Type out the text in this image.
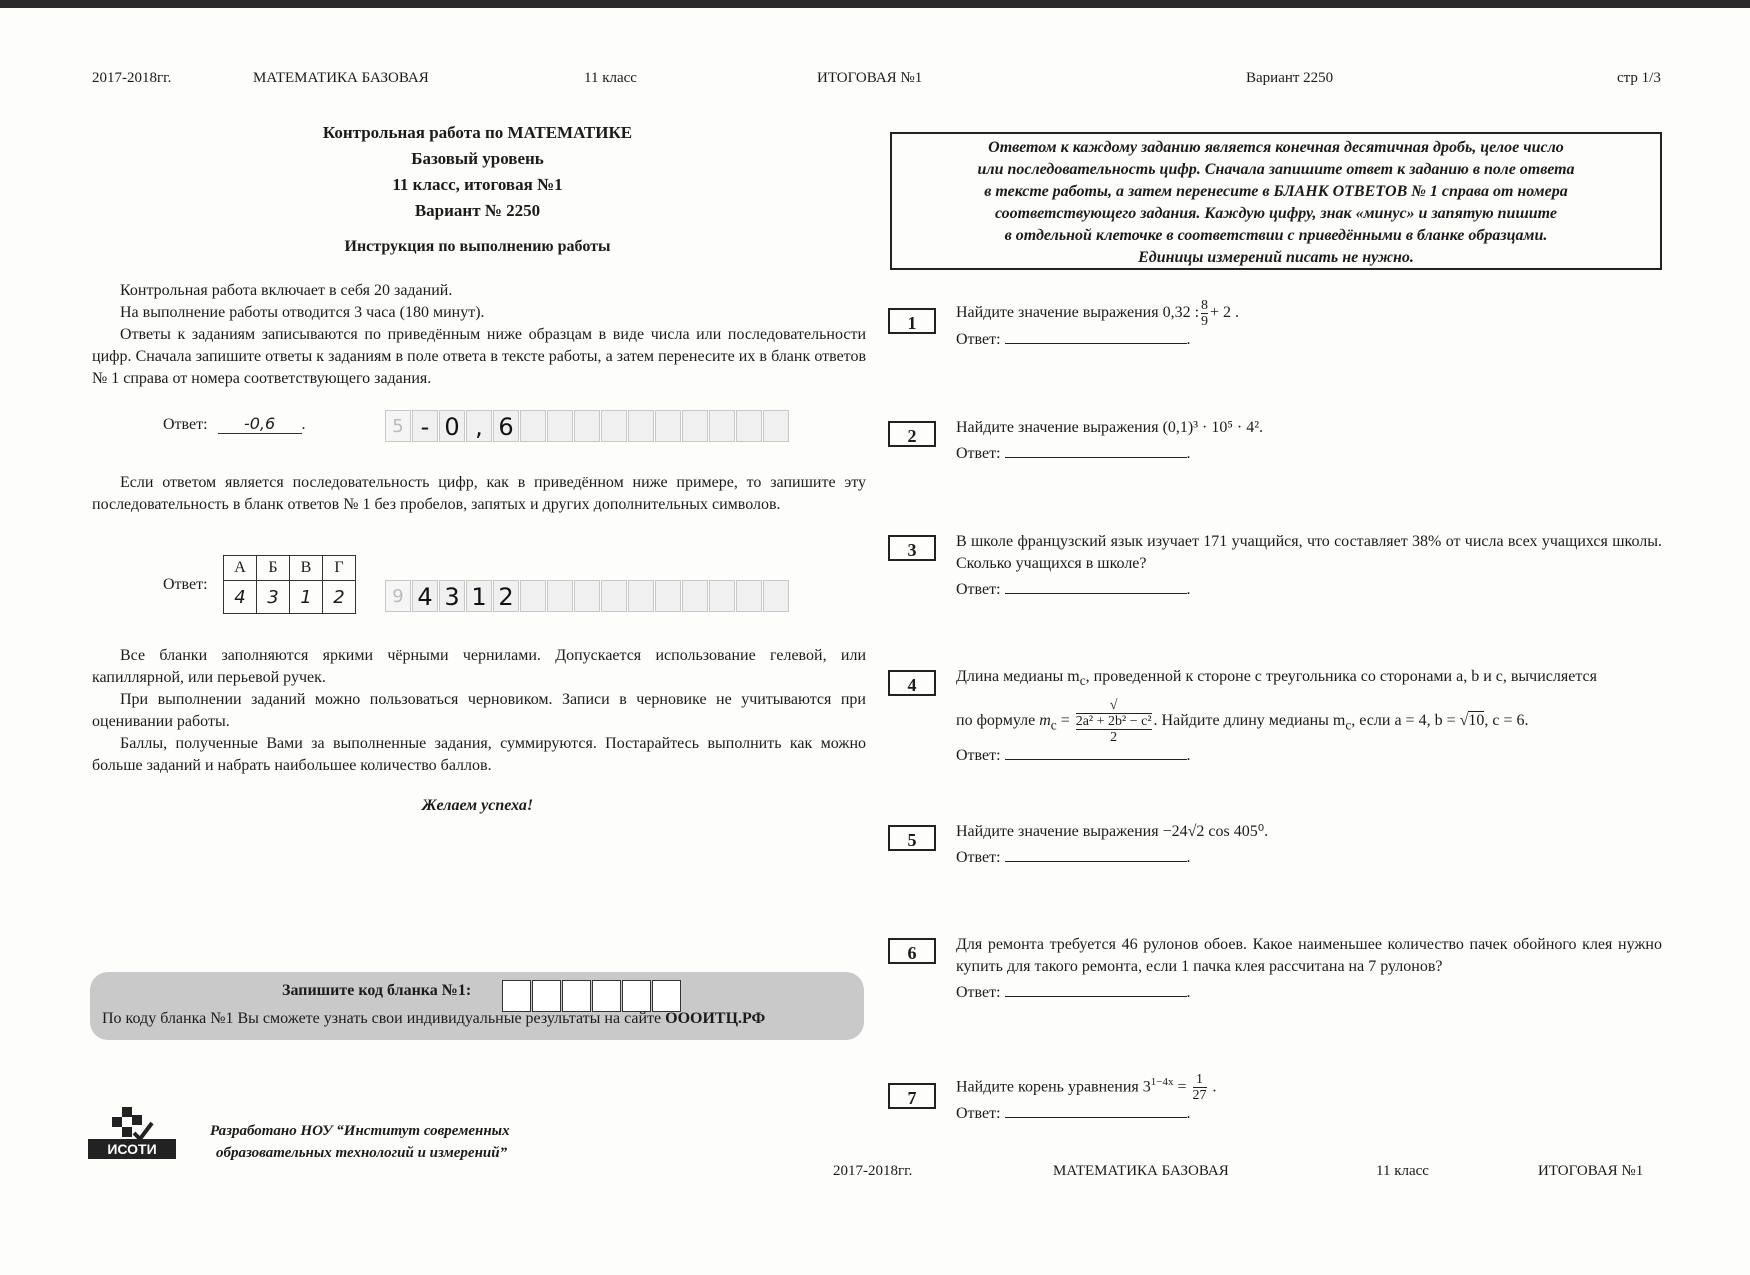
2017-2018гг.	МАТЕМАТИКА БАЗОВАЯ	11 класс	ИТОГОВАЯ №1	Вариант 2250	стр 1/3
Контрольная работа по МАТЕМАТИКЕ
Базовый уровень
11 класс, итоговая №1
Вариант № 2250
Инструкция по выполнению работы

Контрольная работа включает в себя 20 заданий.

На выполнение работы отводится 3 часа (180 минут).

Ответы к заданиям записываются по приведённым ниже образцам в виде числа или последовательности цифр. Сначала запишите ответы к заданиям в поле ответа в тексте работы, а затем перенесите их в бланк ответов № 1 справа от номера соответствующего задания.

Ответ: -0,6 .	5 - 0 , 6

Если ответом является последовательность цифр, как в приведённом ниже примере, то запишите эту последовательность в бланк ответов № 1 без пробелов, запятых и других дополнительных символов.

Ответ:
А	Б	В	Г
4	3	1	2	9 4 3 1 2

Все бланки заполняются яркими чёрными чернилами. Допускается использование гелевой, или капиллярной, или перьевой ручек.

При выполнении заданий можно пользоваться черновиком. Записи в черновике не учитываются при оценивании работы.

Баллы, полученные Вами за выполненные задания, суммируются. Постарайтесь выполнить как можно больше заданий и набрать наибольшее количество баллов.

Желаем успеха!
Запишите код бланка №1:
По коду бланка №1 Вы сможете узнать свои индивидуальные результаты на сайте ОООИТЦ.РФ
ИСОТИ
Разработано НОУ “Институт современных
образовательных технологий и измерений”
Ответом к каждому заданию является конечная десятичная дробь, целое число
или последовательность цифр. Сначала запишите ответ к заданию в поле ответа
в тексте работы, а затем перенесите в БЛАНК ОТВЕТОВ № 1 справа от номера
соответствующего задания. Каждую цифру, знак «минус» и запятую пишите
в отдельной клеточке в соответствии с приведёнными в бланке образцами.
Единицы измерений писать не нужно.
1
Найдите значение выражения 0,32 : $\frac{8}{9} + 2$ .
Ответ:	.
2	Найдите значение выражения (0,1)³ · 10⁵ · 4².
Ответ:	.
3	В школе французский язык изучает 171 учащийся, что составляет 38% от числа всех учащихся школы. Сколько учащихся в школе?
Ответ:	.
4	Длина медианы $m_c$, проведенной к стороне c треугольника со сторонами a, b и c, вычисляется
по формуле $m_c$ = √
2a² + 2b² − c²
2 . Найдите длину медианы $m_c$, если a = 4, b = √10, c = 6.
Ответ:	.
5	Найдите значение выражения −24√2 cos 405⁰.
Ответ:	.
6	Для ремонта требуется 46 рулонов обоев. Какое наименьшее количество пачек обойного клея нужно купить для такого ремонта, если 1 пачка клея рассчитана на 7 рулонов?
Ответ:	.
7
Найдите корень уравнения $3^{1-4x} = \frac{1}{27}$ .
Ответ:	.
2017-2018гг.	МАТЕМАТИКА БАЗОВАЯ	11 класс	ИТОГОВАЯ №1
